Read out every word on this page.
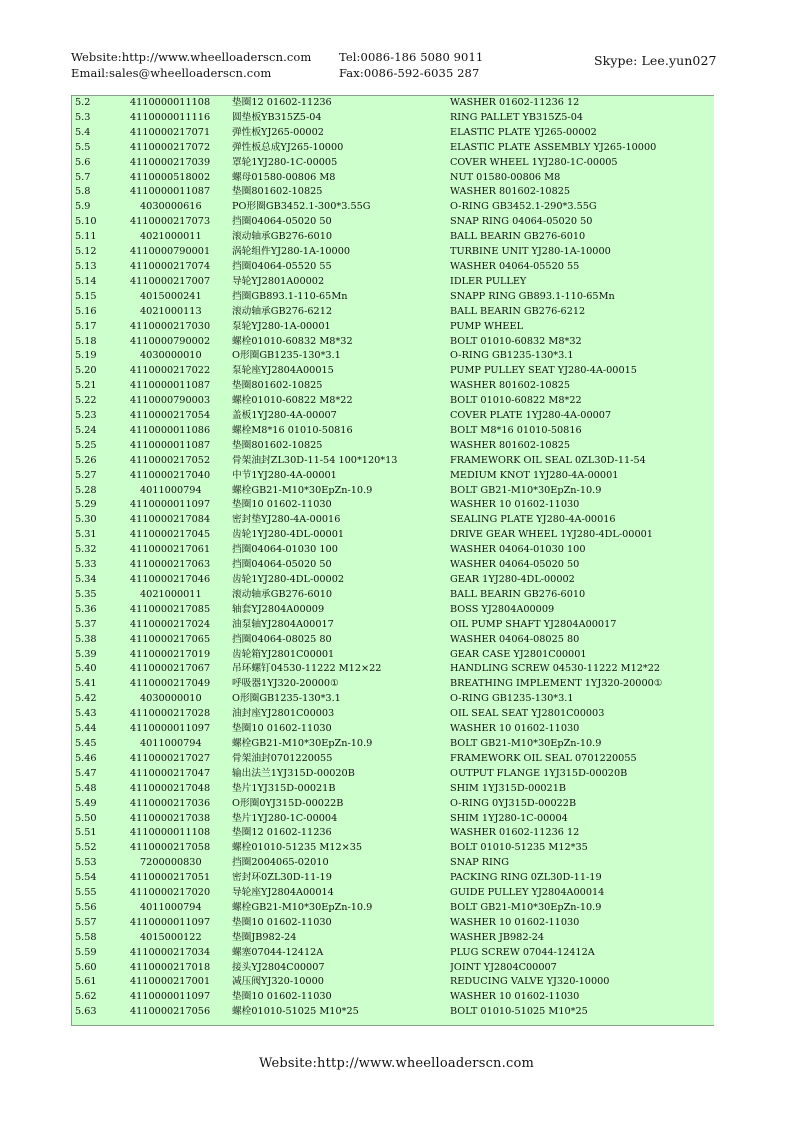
Website:http://www.wheelloaderscn.com
Email:sales@wheelloaderscn.com
Tel:0086-186 5080 9011
Fax:0086-592-6035 287
Skype: Lee.yun027
5.2	4110000011108	垫圈12 01602-11236	WASHER 01602-11236 12
5.3	4110000011116	圆垫板YB315Z5-04	RING PALLET YB315Z5-04
5.4	4110000217071	弹性板YJ265-00002	ELASTIC PLATE YJ265-00002
5.5	4110000217072	弹性板总成YJ265-10000	ELASTIC PLATE ASSEMBLY YJ265-10000
5.6	4110000217039	罩轮1YJ280-1C-00005	COVER WHEEL 1YJ280-1C-00005
5.7	4110000518002	螺母01580-00806 M8	NUT 01580-00806 M8
5.8	4110000011087	垫圈801602-10825	WASHER 801602-10825
5.9	4030000616	PO形圈GB3452.1-300*3.55G	O-RING GB3452.1-290*3.55G
5.10	4110000217073	挡圈04064-05020 50	SNAP RING 04064-05020 50
5.11	4021000011	滚动轴承GB276-6010	BALL BEARIN GB276-6010
5.12	4110000790001	涡轮组件YJ280-1A-10000	TURBINE UNIT YJ280-1A-10000
5.13	4110000217074	挡圈04064-05520 55	WASHER 04064-05520 55
5.14	4110000217007	导轮YJ2801A00002	IDLER PULLEY
5.15	4015000241	挡圈GB893.1-110-65Mn	SNAPP RING GB893.1-110-65Mn
5.16	4021000113	滚动轴承GB276-6212	BALL BEARIN GB276-6212
5.17	4110000217030	泵轮YJ280-1A-00001	PUMP WHEEL
5.18	4110000790002	螺栓01010-60832 M8*32	BOLT 01010-60832 M8*32
5.19	4030000010	O形圈GB1235-130*3.1	O-RING GB1235-130*3.1
5.20	4110000217022	泵轮座YJ2804A00015	PUMP PULLEY SEAT YJ280-4A-00015
5.21	4110000011087	垫圈801602-10825	WASHER 801602-10825
5.22	4110000790003	螺栓01010-60822 M8*22	BOLT 01010-60822 M8*22
5.23	4110000217054	盖板1YJ280-4A-00007	COVER PLATE 1YJ280-4A-00007
5.24	4110000011086	螺栓M8*16 01010-50816	BOLT M8*16 01010-50816
5.25	4110000011087	垫圈801602-10825	WASHER 801602-10825
5.26	4110000217052	骨架油封ZL30D-11-54 100*120*13	FRAMEWORK OIL SEAL 0ZL30D-11-54
5.27	4110000217040	中节1YJ280-4A-00001	MEDIUM KNOT 1YJ280-4A-00001
5.28	4011000794	螺栓GB21-M10*30EpZn-10.9	BOLT GB21-M10*30EpZn-10.9
5.29	4110000011097	垫圈10 01602-11030	WASHER 10 01602-11030
5.30	4110000217084	密封垫YJ280-4A-00016	SEALING PLATE YJ280-4A-00016
5.31	4110000217045	齿轮1YJ280-4DL-00001	DRIVE GEAR WHEEL 1YJ280-4DL-00001
5.32	4110000217061	挡圈04064-01030 100	WASHER 04064-01030 100
5.33	4110000217063	挡圈04064-05020 50	WASHER 04064-05020 50
5.34	4110000217046	齿轮1YJ280-4DL-00002	GEAR 1YJ280-4DL-00002
5.35	4021000011	滚动轴承GB276-6010	BALL BEARIN GB276-6010
5.36	4110000217085	轴套YJ2804A00009	BOSS YJ2804A00009
5.37	4110000217024	油泵轴YJ2804A00017	OIL PUMP SHAFT YJ2804A00017
5.38	4110000217065	挡圈04064-08025 80	WASHER 04064-08025 80
5.39	4110000217019	齿轮箱YJ2801C00001	GEAR CASE YJ2801C00001
5.40	4110000217067	吊环螺钉04530-11222 M12×22	HANDLING SCREW 04530-11222 M12*22
5.41	4110000217049	呼吸器1YJ320-20000①	BREATHING IMPLEMENT 1YJ320-20000①
5.42	4030000010	O形圈GB1235-130*3.1	O-RING GB1235-130*3.1
5.43	4110000217028	油封座YJ2801C00003	OIL SEAL SEAT YJ2801C00003
5.44	4110000011097	垫圈10 01602-11030	WASHER 10 01602-11030
5.45	4011000794	螺栓GB21-M10*30EpZn-10.9	BOLT GB21-M10*30EpZn-10.9
5.46	4110000217027	骨架油封0701220055	FRAMEWORK OIL SEAL 0701220055
5.47	4110000217047	输出法兰1YJ315D-00020B	OUTPUT FLANGE 1YJ315D-00020B
5.48	4110000217048	垫片1YJ315D-00021B	SHIM 1YJ315D-00021B
5.49	4110000217036	O形圈0YJ315D-00022B	O-RING 0YJ315D-00022B
5.50	4110000217038	垫片1YJ280-1C-00004	SHIM 1YJ280-1C-00004
5.51	4110000011108	垫圈12 01602-11236	WASHER 01602-11236 12
5.52	4110000217058	螺栓01010-51235 M12×35	BOLT 01010-51235 M12*35
5.53	7200000830	挡圈2004065-02010	SNAP RING
5.54	4110000217051	密封环0ZL30D-11-19	PACKING RING 0ZL30D-11-19
5.55	4110000217020	导轮座YJ2804A00014	GUIDE PULLEY YJ2804A00014
5.56	4011000794	螺栓GB21-M10*30EpZn-10.9	BOLT GB21-M10*30EpZn-10.9
5.57	4110000011097	垫圈10 01602-11030	WASHER 10 01602-11030
5.58	4015000122	垫圈JB982-24	WASHER JB982-24
5.59	4110000217034	螺塞07044-12412A	PLUG SCREW 07044-12412A
5.60	4110000217018	接头YJ2804C00007	JOINT YJ2804C00007
5.61	4110000217001	减压阀YJ320-10000	REDUCING VALVE YJ320-10000
5.62	4110000011097	垫圈10 01602-11030	WASHER 10 01602-11030
5.63	4110000217056	螺栓01010-51025 M10*25	BOLT 01010-51025 M10*25
Website:http://www.wheelloaderscn.com
